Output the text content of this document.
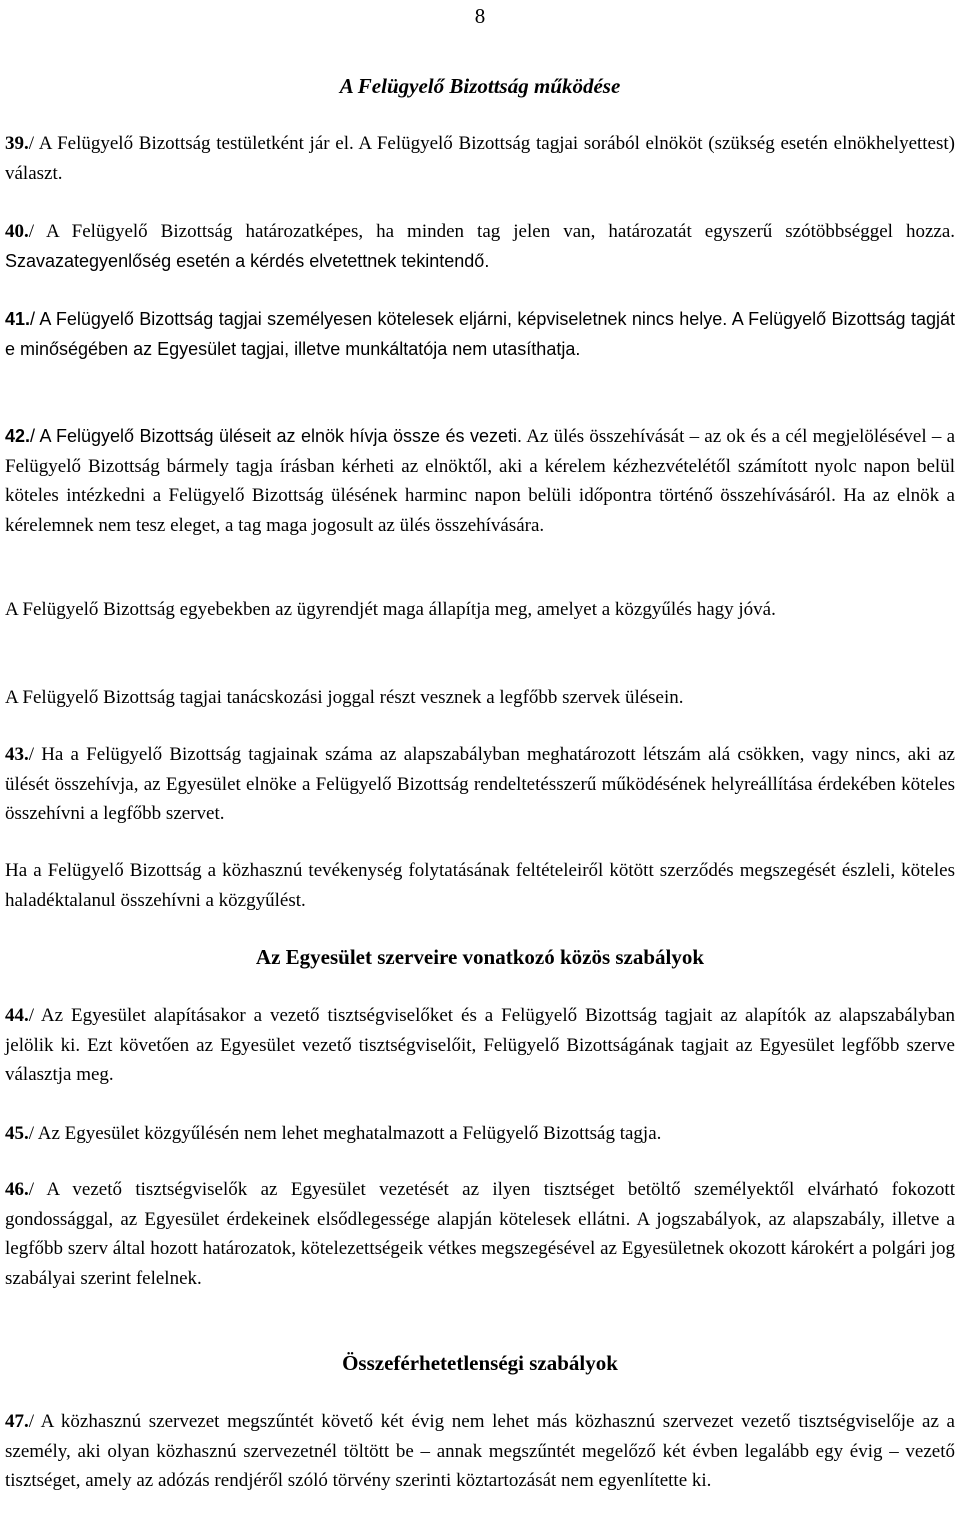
8
A Felügyelő Bizottság működése

39./ A Felügyelő Bizottság testületként jár el. A Felügyelő Bizottság tagjai sorából elnököt (szükség esetén elnökhelyettest) választ.

40./ A Felügyelő Bizottság határozatképes, ha minden tag jelen van, határozatát egyszerű szótöbbséggel hozza. Szavazategyenlőség esetén a kérdés elvetettnek tekintendő.

41./ A Felügyelő Bizottság tagjai személyesen kötelesek eljárni, képviseletnek nincs helye. A Felügyelő Bizottság tagját e minőségében az Egyesület tagjai, illetve munkáltatója nem utasíthatja.

42./ A Felügyelő Bizottság üléseit az elnök hívja össze és vezeti. Az ülés összehívását – az ok és a cél megjelölésével – a Felügyelő Bizottság bármely tagja írásban kérheti az elnöktől, aki a kérelem kézhezvételétől számított nyolc napon belül köteles intézkedni a Felügyelő Bizottság ülésének harminc napon belüli időpontra történő összehívásáról. Ha az elnök a kérelemnek nem tesz eleget, a tag maga jogosult az ülés összehívására.

A Felügyelő Bizottság egyebekben az ügyrendjét maga állapítja meg, amelyet a közgyűlés hagy jóvá.

A Felügyelő Bizottság tagjai tanácskozási joggal részt vesznek a legfőbb szervek ülésein.

43./ Ha a Felügyelő Bizottság tagjainak száma az alapszabályban meghatározott létszám alá csökken, vagy nincs, aki az ülését összehívja, az Egyesület elnöke a Felügyelő Bizottság rendeltetésszerű működésének helyreállítása érdekében köteles összehívni a legfőbb szervet.

Ha a Felügyelő Bizottság a közhasznú tevékenység folytatásának feltételeiről kötött szerződés megszegését észleli, köteles haladéktalanul összehívni a közgyűlést.

Az Egyesület szerveire vonatkozó közös szabályok

44./ Az Egyesület alapításakor a vezető tisztségviselőket és a Felügyelő Bizottság tagjait az alapítók az alapszabályban jelölik ki. Ezt követően az Egyesület vezető tisztségviselőit, Felügyelő Bizottságának tagjait az Egyesület legfőbb szerve választja meg.

45./ Az Egyesület közgyűlésén nem lehet meghatalmazott a Felügyelő Bizottság tagja.

46./ A vezető tisztségviselők az Egyesület vezetését az ilyen tisztséget betöltő személyektől elvárható fokozott gondossággal, az Egyesület érdekeinek elsődlegessége alapján kötelesek ellátni. A jogszabályok, az alapszabály, illetve a legfőbb szerv által hozott határozatok, kötelezettségeik vétkes megszegésével az Egyesületnek okozott károkért a polgári jog szabályai szerint felelnek.

Összeférhetetlenségi szabályok

47./ A közhasznú szervezet megszűntét követő két évig nem lehet más közhasznú szervezet vezető tisztségviselője az a személy, aki olyan közhasznú szervezetnél töltött be – annak megszűntét megelőző két évben legalább egy évig – vezető tisztséget, amely az adózás rendjéről szóló törvény szerinti köztartozását nem egyenlítette ki.
